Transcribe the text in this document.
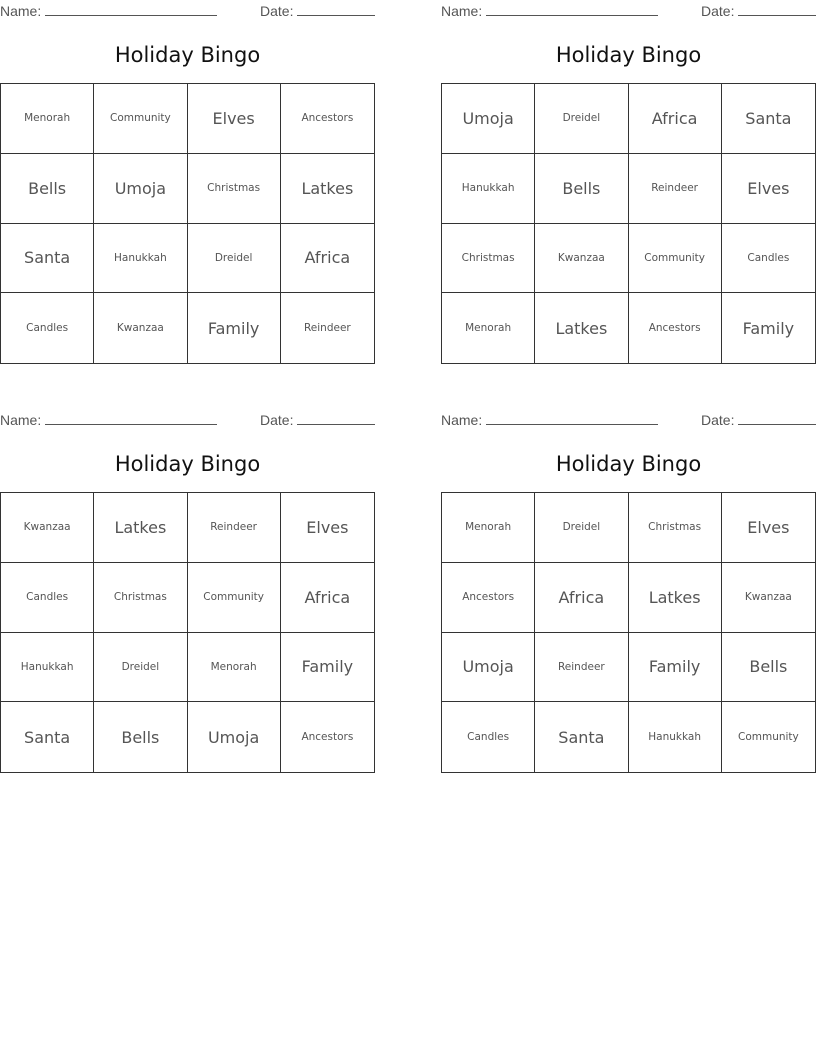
Name:	Date:
Holiday Bingo
Menorah	Community	Elves	Ancestors
Bells	Umoja	Christmas	Latkes
Santa	Hanukkah	Dreidel	Africa
Candles	Kwanzaa	Family	Reindeer
Name:	Date:
Holiday Bingo
Umoja	Dreidel	Africa	Santa
Hanukkah	Bells	Reindeer	Elves
Christmas	Kwanzaa	Community	Candles
Menorah	Latkes	Ancestors	Family
Name:	Date:
Holiday Bingo
Kwanzaa	Latkes	Reindeer	Elves
Candles	Christmas	Community	Africa
Hanukkah	Dreidel	Menorah	Family
Santa	Bells	Umoja	Ancestors
Name:	Date:
Holiday Bingo
Menorah	Dreidel	Christmas	Elves
Ancestors	Africa	Latkes	Kwanzaa
Umoja	Reindeer	Family	Bells
Candles	Santa	Hanukkah	Community
